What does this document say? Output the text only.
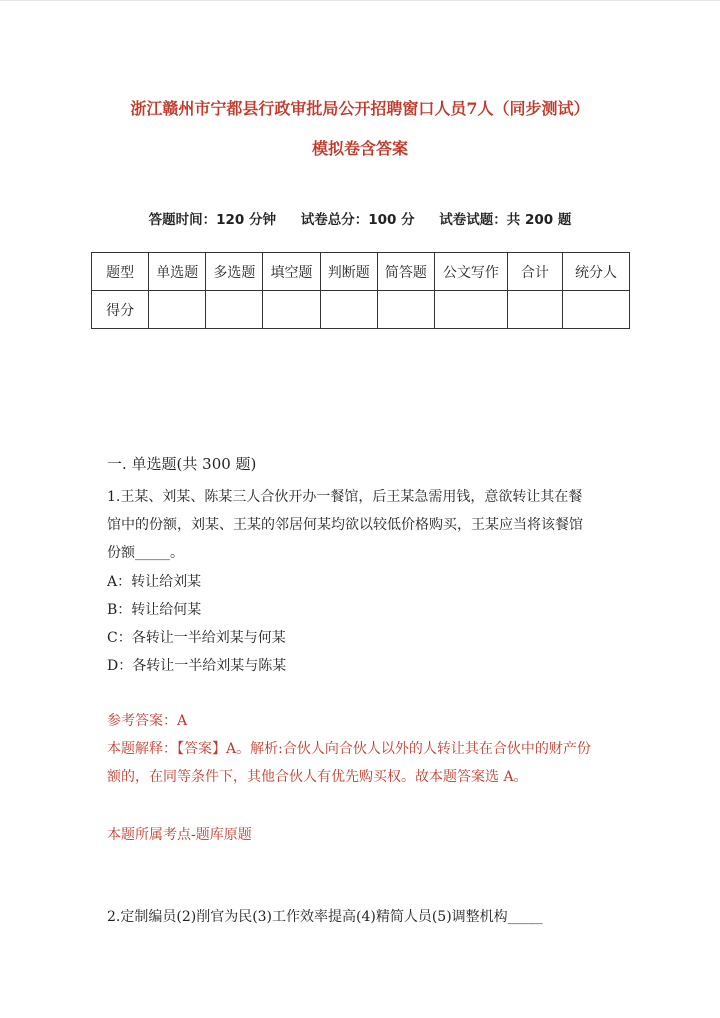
浙江赣州市宁都县行政审批局公开招聘窗口人员7人（同步测试）
模拟卷含答案
答题时间：120 分钟 试卷总分：100 分 试卷试题：共 200 题
题型	单选题	多选题	填空题	判断题	简答题	公文写作	合计	统分人
得分								
一. 单选题(共 300 题)
1.王某、刘某、陈某三人合伙开办一餐馆，后王某急需用钱，意欲转让其在餐
馆中的份额，刘某、王某的邻居何某均欲以较低价格购买，王某应当将该餐馆
份额_____。
A：转让给刘某
B：转让给何某
C：各转让一半给刘某与何某
D：各转让一半给刘某与陈某
参考答案：A
本题解释：【答案】A。解析:合伙人向合伙人以外的人转让其在合伙中的财产份
额的，在同等条件下，其他合伙人有优先购买权。故本题答案选 A。
本题所属考点-题库原题
2.定制编员(2)削官为民(3)工作效率提高(4)精简人员(5)调整机构_____
